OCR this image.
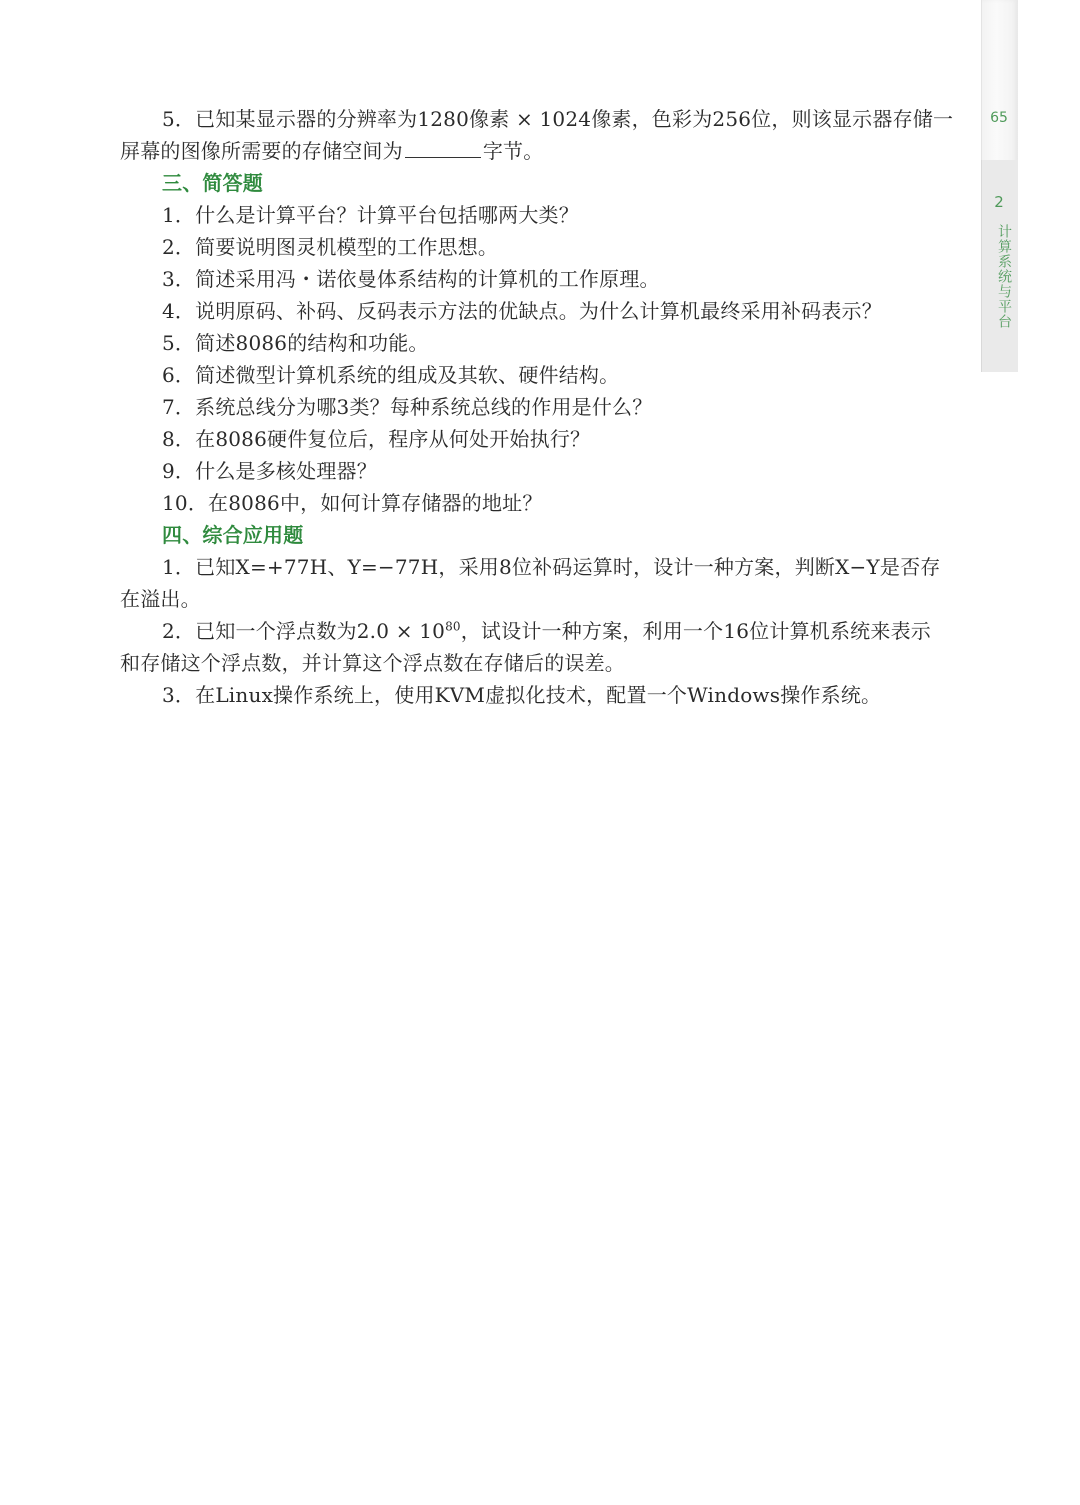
65
2
计算系统与平台

5．已知某显示器的分辨率为1280像素 × 1024像素，色彩为256位，则该显示器存储一

屏幕的图像所需要的存储空间为	字节。

三、简答题

1．什么是计算平台？计算平台包括哪两大类？

2．简要说明图灵机模型的工作思想。

3．简述采用冯・诺依曼体系结构的计算机的工作原理。

4．说明原码、补码、反码表示方法的优缺点。为什么计算机最终采用补码表示？

5．简述8086的结构和功能。

6．简述微型计算机系统的组成及其软、硬件结构。

7．系统总线分为哪3类？每种系统总线的作用是什么？

8．在8086硬件复位后，程序从何处开始执行？

9．什么是多核处理器？

10．在8086中，如何计算存储器的地址？

四、综合应用题

1．已知X=+77H、Y=−77H，采用8位补码运算时，设计一种方案，判断X−Y是否存

在溢出。

2．已知一个浮点数为$2.0 \times 10^{80}$，试设计一种方案，利用一个16位计算机系统来表示

和存储这个浮点数，并计算这个浮点数在存储后的误差。

3．在Linux操作系统上，使用KVM虚拟化技术，配置一个Windows操作系统。
